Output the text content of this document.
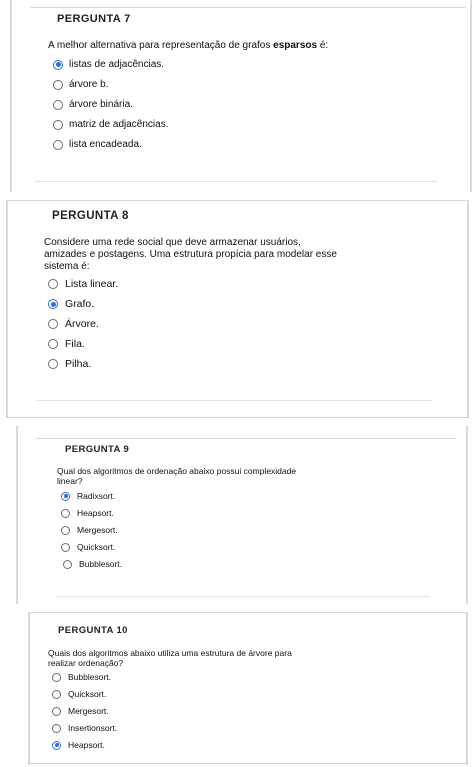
PERGUNTA 7
A melhor alternativa para representação de grafos esparsos é:
listas de adjacências.
árvore b.
árvore binária.
matriz de adjacências.
lista encadeada.
PERGUNTA 8
Considere uma rede social que deve armazenar usuários,
amizades e postagens. Uma estrutura propícia para modelar esse
sistema é:
Lista linear.
Grafo.
Árvore.
Fila.
Pilha.
PERGUNTA 9
Qual dos algoritmos de ordenação abaixo possui complexidade
linear?
Radixsort.
Heapsort.
Mergesort.
Quicksort.
Bubblesort.
PERGUNTA 10
Quais dos algoritmos abaixo utiliza uma estrutura de árvore para
realizar ordenação?
Bubblesort.
Quicksort.
Mergesort.
Insertionsort.
Heapsort.
